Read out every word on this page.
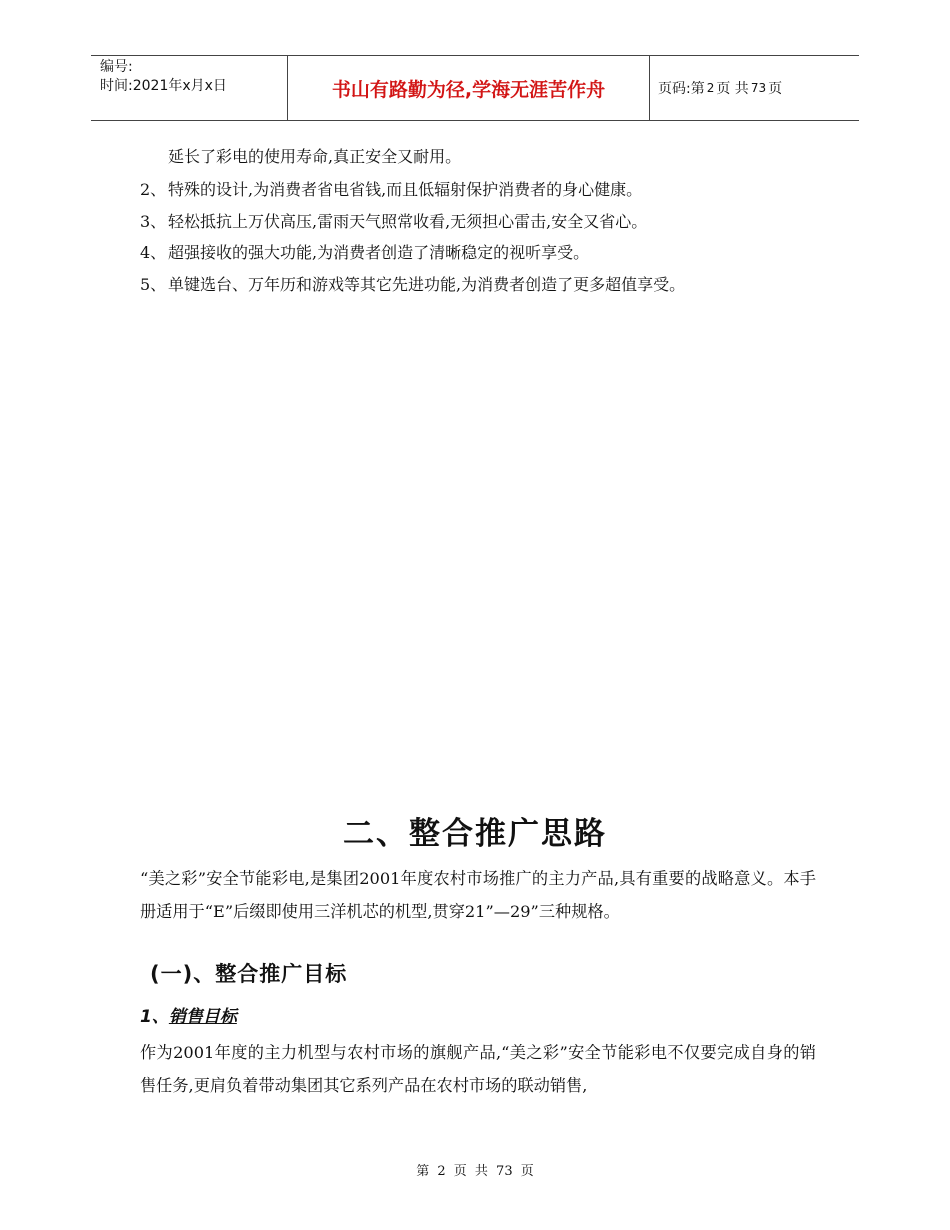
编号:
时间:2021年x月x日	书山有路勤为径,学海无涯苦作舟	页码:第 2 页 共 73 页
延长了彩电的使用寿命,真正安全又耐用。
2、 特殊的设计,为消费者省电省钱,而且低辐射保护消费者的身心健康。
3、 轻松抵抗上万伏高压,雷雨天气照常收看,无须担心雷击,安全又省心。
4、 超强接收的强大功能,为消费者创造了清晰稳定的视听享受。
5、 单键选台、万年历和游戏等其它先进功能,为消费者创造了更多超值享受。
二、整合推广思路
“美之彩”安全节能彩电,是集团2001年度农村市场推广的主力产品,具有重要的战略意义。本手册适用于“E”后缀即使用三洋机芯的机型,贯穿21”—29”三种规格。
(一)、整合推广目标
1、销售目标
作为2001年度的主力机型与农村市场的旗舰产品,“美之彩”安全节能彩电不仅要完成自身的销售任务,更肩负着带动集团其它系列产品在农村市场的联动销售,
第 2 页 共 73 页
